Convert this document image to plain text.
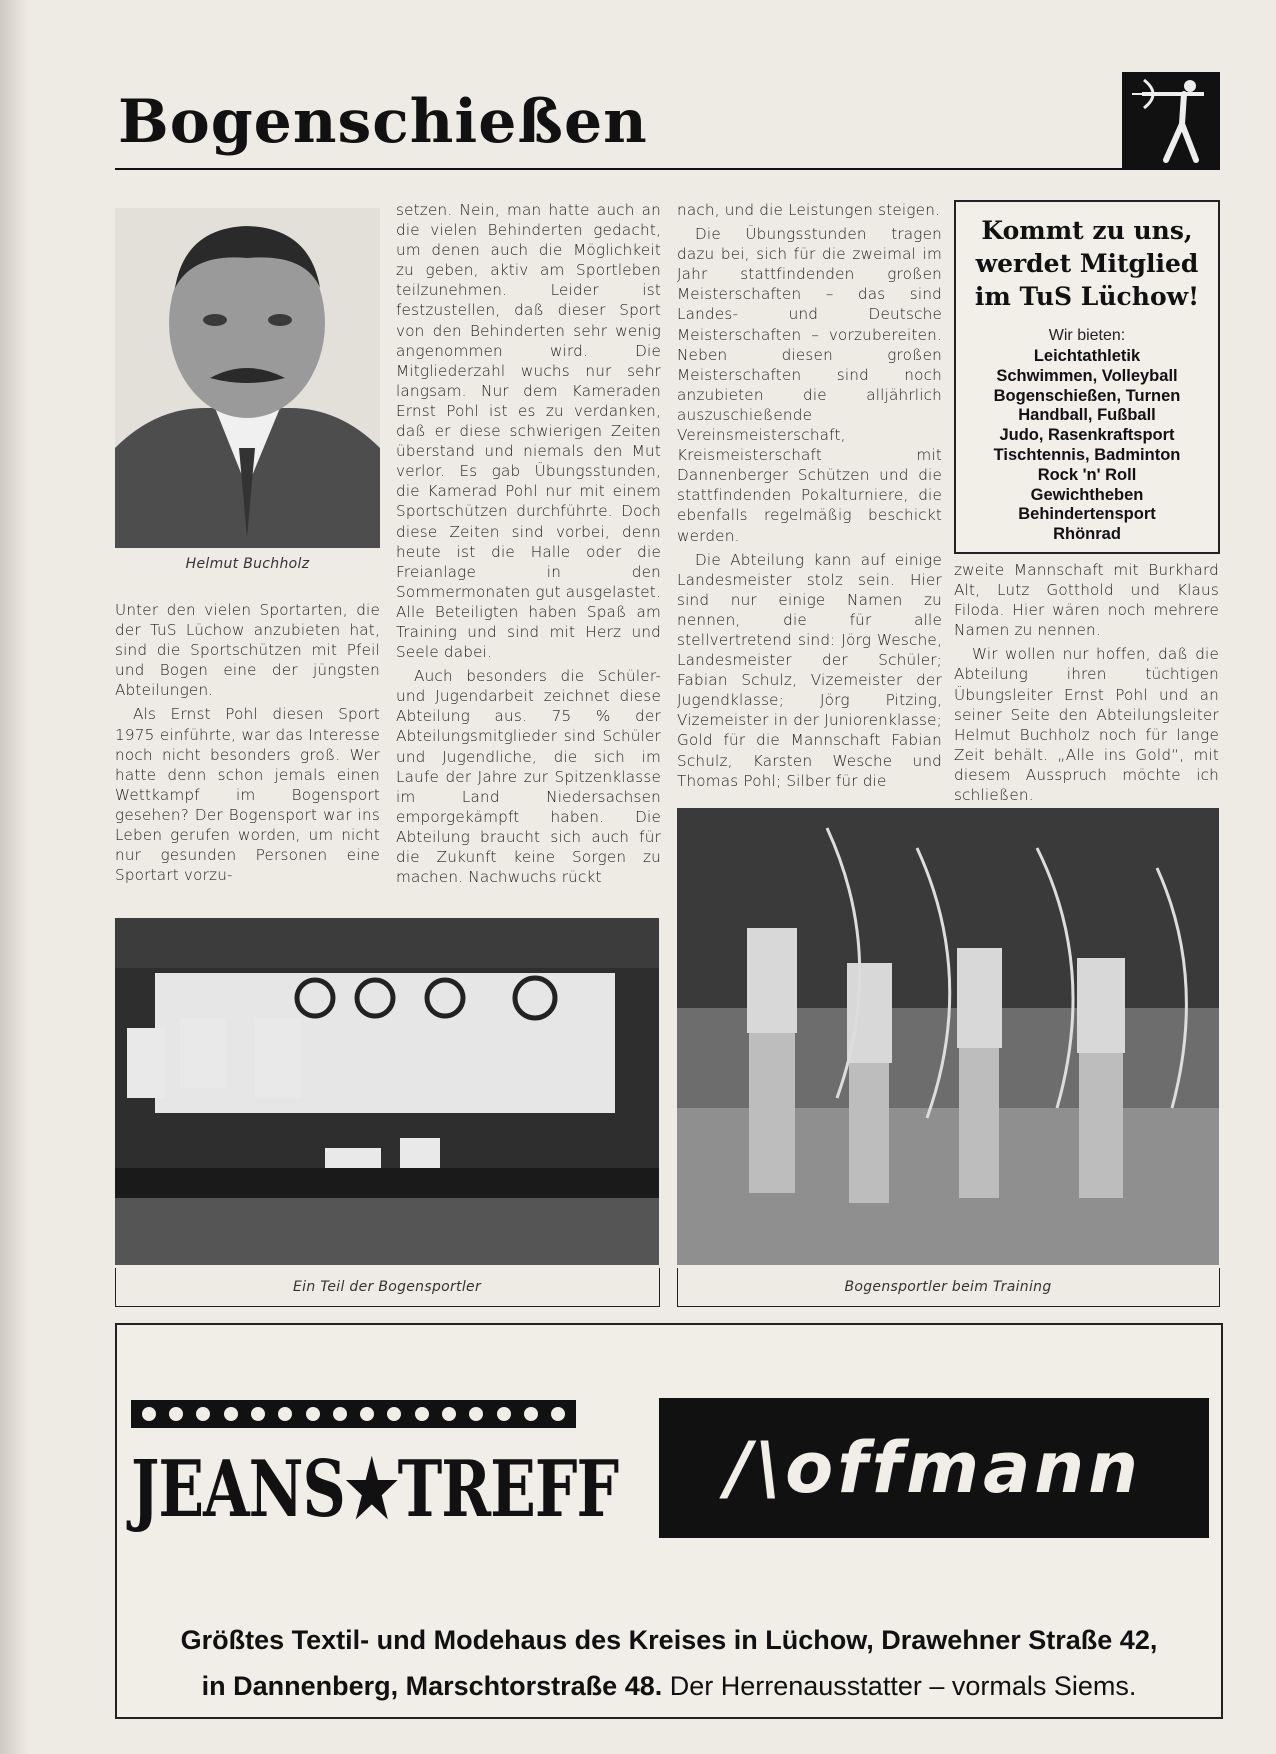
Bogenschießen
Helmut Buchholz

Unter den vielen Sportarten, die der TuS Lüchow anzubieten hat, sind die Sportschützen mit Pfeil und Bogen eine der jüngsten Abteilungen.

Als Ernst Pohl diesen Sport 1975 einführte, war das Interesse noch nicht besonders groß. Wer hatte denn schon jemals einen Wettkampf im Bogensport gesehen? Der Bogensport war ins Leben gerufen worden, um nicht nur gesunden Personen eine Sportart vorzu-

setzen. Nein, man hatte auch an die vielen Behinderten gedacht, um denen auch die Möglichkeit zu geben, aktiv am Sportleben teilzunehmen. Leider ist festzustellen, daß dieser Sport von den Behinderten sehr wenig angenommen wird. Die Mitgliederzahl wuchs nur sehr langsam. Nur dem Kameraden Ernst Pohl ist es zu verdanken, daß er diese schwierigen Zeiten überstand und niemals den Mut verlor. Es gab Übungsstunden, die Kamerad Pohl nur mit einem Sportschützen durchführte. Doch diese Zeiten sind vorbei, denn heute ist die Halle oder die Freianlage in den Sommermonaten gut ausgelastet. Alle Beteiligten haben Spaß am Training und sind mit Herz und Seele dabei.

Auch besonders die Schüler- und Jugendarbeit zeichnet diese Abteilung aus. 75 % der Abteilungsmitglieder sind Schüler und Jugendliche, die sich im Laufe der Jahre zur Spitzenklasse im Land Niedersachsen emporgekämpft haben. Die Abteilung braucht sich auch für die Zukunft keine Sorgen zu machen. Nachwuchs rückt

nach, und die Leistungen steigen.

Die Übungsstunden tragen dazu bei, sich für die zweimal im Jahr stattfindenden großen Meisterschaften – das sind Landes- und Deutsche Meisterschaften – vorzubereiten. Neben diesen großen Meisterschaften sind noch anzubieten die alljährlich auszuschießende Vereinsmeisterschaft, Kreismeisterschaft mit Dannenberger Schützen und die stattfindenden Pokalturniere, die ebenfalls regelmäßig beschickt werden.

Die Abteilung kann auf einige Landesmeister stolz sein. Hier sind nur einige Namen zu nennen, die für alle stellvertretend sind: Jörg Wesche, Landesmeister der Schüler; Fabian Schulz, Vizemeister der Jugendklasse; Jörg Pitzing, Vizemeister in der Juniorenklasse; Gold für die Mannschaft Fabian Schulz, Karsten Wesche und Thomas Pohl; Silber für die

zweite Mannschaft mit Burkhard Alt, Lutz Gotthold und Klaus Filoda. Hier wären noch mehrere Namen zu nennen.

Wir wollen nur hoffen, daß die Abteilung ihren tüchtigen Übungsleiter Ernst Pohl und an seiner Seite den Abteilungsleiter Helmut Buchholz noch für lange Zeit behält. „Alle ins Gold“, mit diesem Ausspruch möchte ich schließen.

Kommt zu uns,
werdet Mitglied
im TuS Lüchow!
Wir bieten:
Leichtathletik
Schwimmen, Volleyball
Bogenschießen, Turnen
Handball, Fußball
Judo, Rasenkraftsport
Tischtennis, Badminton
Rock 'n' Roll
Gewichtheben
Behindertensport
Rhönrad
Bogensportler beim Training
Ein Teil der Bogensportler
JEANS★TREFF /\offmann
Größtes Textil- und Modehaus des Kreises in Lüchow, Drawehner Straße 42,
in Dannenberg, Marschtorstraße 48. Der Herrenausstatter – vormals Siems.
